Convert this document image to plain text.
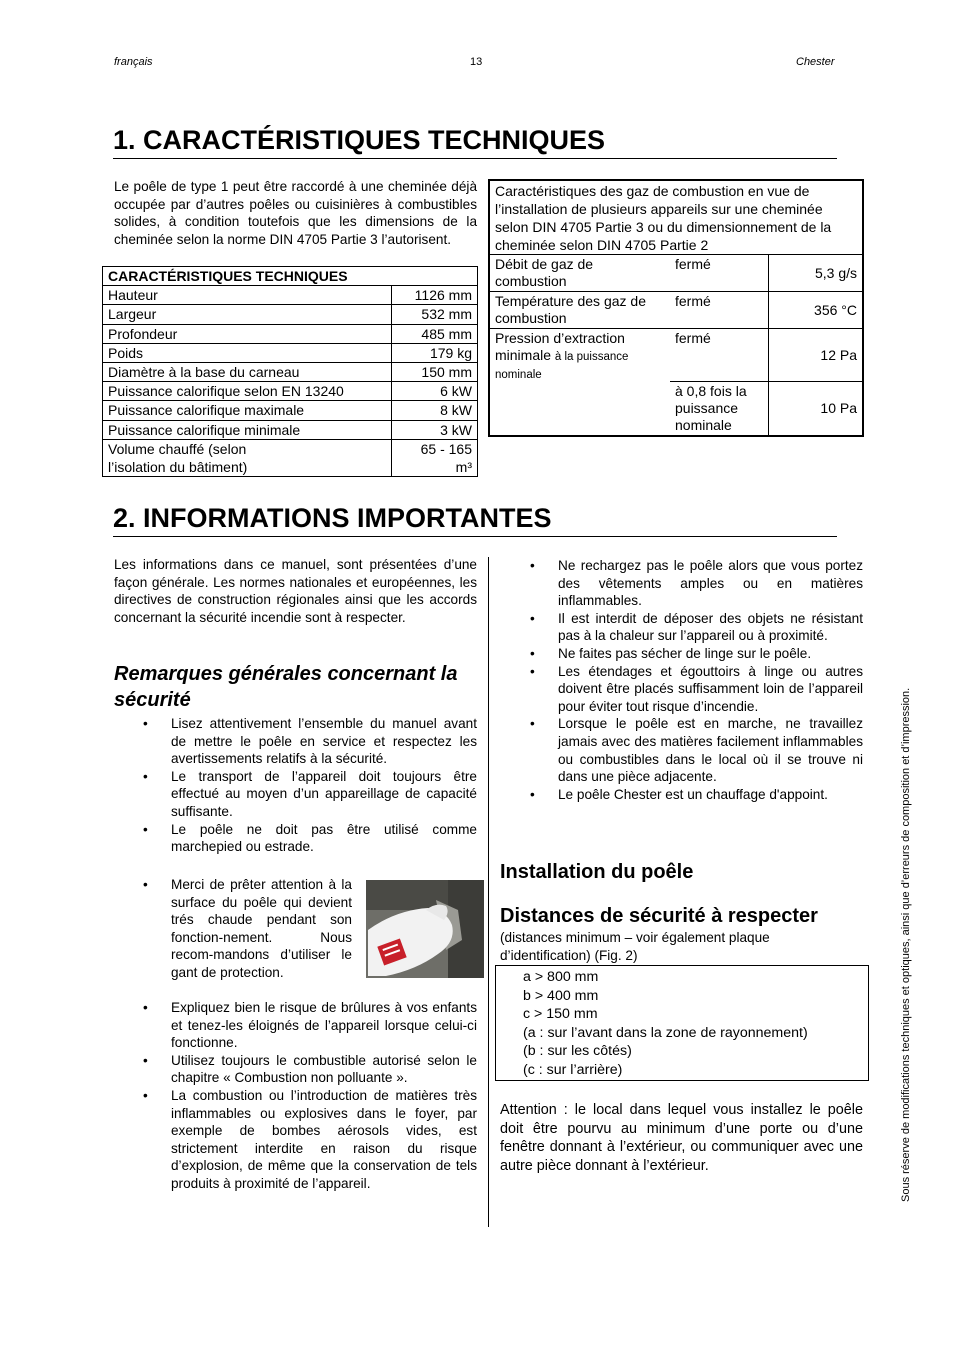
français	13	Chester
1. CARACTÉRISTIQUES TECHNIQUES
Le poêle de type 1 peut être raccordé à une cheminée déjà occupée par d’autres poêles ou cuisinières à combustibles solides, à condition toutefois que les dimensions de la cheminée selon la norme DIN 4705 Partie 3 l’autorisent.
CARACTÉRISTIQUES TECHNIQUES	
Hauteur	1126 mm
Largeur	532 mm
Profondeur	485 mm
Poids	179 kg
Diamètre à la base du carneau	150 mm
Puissance calorifique selon EN 13240	6 kW
Puissance calorifique maximale	8 kW
Puissance calorifique minimale	3 kW
Volume chauffé (selon l’isolation du bâtiment)	65 - 165
m³
Caractéristiques des gaz de combustion en vue de l’installation de plusieurs appareils sur une cheminée selon DIN 4705 Partie 3 ou du dimensionnement de la cheminée selon DIN 4705 Partie 2		
Débit de gaz de combustion	fermé	5,3 g/s
Température des gaz de combustion	fermé	356 °C
Pression d’extraction minimale à la puissance nominale	fermé	12 Pa
	à 0,8 fois la puissance nominale	10 Pa
2. INFORMATIONS IMPORTANTES
Les informations dans ce manuel, sont présentées d’une façon générale. Les normes nationales et européennes, les directives de construction régionales ainsi que les accords concernant la sécurité incendie sont à respecter.
Remarques générales concernant la sécurité
• Lisez attentivement l’ensemble du manuel avant de mettre le poêle en service et respectez les avertissements relatifs à la sécurité.
• Le transport de l’appareil doit toujours être effectué au moyen d’un appareillage de capacité suffisante.
• Le poêle ne doit pas être utilisé comme marchepied ou estrade.
• Merci de prêter attention à la surface du poêle qui devient trés chaude pendant son fonction-nement. Nous recom-mandons d’utiliser le gant de protection.
• Expliquez bien le risque de brûlures à vos enfants et tenez-les éloignés de l’appareil lorsque celui-ci fonctionne.
• Utilisez toujours le combustible autorisé selon le chapitre « Combustion non polluante ».
• La combustion ou l’introduction de matières très inflammables ou explosives dans le foyer, par exemple de bombes aérosols vides, est strictement interdite en raison du risque d’explosion, de même que la conservation de tels produits à proximité de l’appareil.
• Ne rechargez pas le poêle alors que vous portez des vêtements amples ou en matières inflammables.
• Il est interdit de déposer des objets ne résistant pas à la chaleur sur l’appareil ou à proximité.
• Ne faites pas sécher de linge sur le poêle.
• Les étendages et égouttoirs à linge ou autres doivent être placés suffisamment loin de l’appareil pour éviter tout risque d’incendie.
• Lorsque le poêle est en marche, ne travaillez jamais avec des matières facilement inflammables ou combustibles dans le local où il se trouve ni dans une pièce adjacente.
• Le poêle Chester est un chauffage d'appoint.
Installation du poêle
Distances de sécurité à respecter
(distances minimum – voir également plaque d’identification) (Fig. 2)
a > 800 mm
b > 400 mm
c > 150 mm
(a : sur l’avant dans la zone de rayonnement)
(b : sur les côtés)
(c : sur l’arrière)
Attention : le local dans lequel vous installez le poêle doit être pourvu au minimum d’une porte ou d’une fenêtre donnant à l’extérieur, ou communiquer avec une autre pièce donnant à l’extérieur.	Sous réserve de modifications techniques et optiques, ainsi que d’erreurs de composition et d’impression.
